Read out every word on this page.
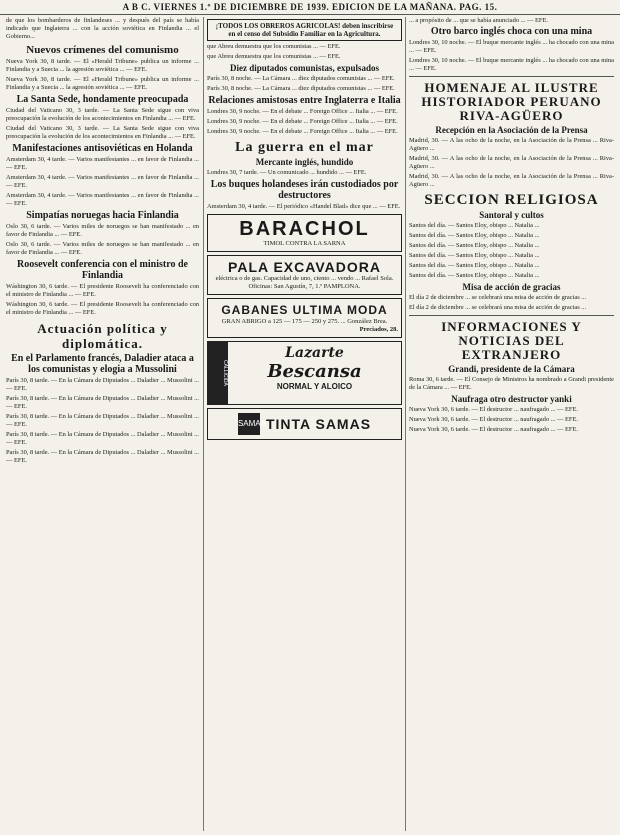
A B C. VIERNES 1.º DE DICIEMBRE DE 1939. EDICION DE LA MAÑANA. PAG. 15.

de que los bombarderos de finlandeses ... y después del país se había indicado que Inglaterra ... con la acción soviética en Finlandia ... el Gobierno...

Nuevos crímenes del comunismo

Nueva York 30, 8 tarde. — El «Herald Tribune» publica un informe ... Finlandia y a Suecia ... la agresión soviética ... — EFE.

Nueva York 30, 8 tarde. — El «Herald Tribune» publica un informe ... Finlandia y a Suecia ... la agresión soviética ... — EFE.

La Santa Sede, hondamente preocupada

Ciudad del Vaticano 30, 3 tarde. — La Santa Sede sigue con viva preocupación la evolución de los acontecimientos en Finlandia ... — EFE.

Ciudad del Vaticano 30, 3 tarde. — La Santa Sede sigue con viva preocupación la evolución de los acontecimientos en Finlandia ... — EFE.

Manifestaciones antisoviéticas en Holanda

Amsterdam 30, 4 tarde. — Varios manifestantes ... en favor de Finlandia ... — EFE.

Amsterdam 30, 4 tarde. — Varios manifestantes ... en favor de Finlandia ... — EFE.

Amsterdam 30, 4 tarde. — Varios manifestantes ... en favor de Finlandia ... — EFE.

Simpatías noruegas hacia Finlandia

Oslo 30, 6 tarde. — Varios miles de noruegos se han manifestado ... en favor de Finlandia ... — EFE.

Oslo 30, 6 tarde. — Varios miles de noruegos se han manifestado ... en favor de Finlandia ... — EFE.

Roosevelt conferencia con el ministro de Finlandia

Wáshington 30, 6 tarde. — El presidente Roosevelt ha conferenciado con el ministro de Finlandia ... — EFE.

Wáshington 30, 6 tarde. — El presidente Roosevelt ha conferenciado con el ministro de Finlandia ... — EFE.

Actuación política y diplomática.
En el Parlamento francés, Daladier ataca a los comunistas y elogia a Mussolini

París 30, 8 tarde. — En la Cámara de Diputados ... Daladier ... Mussolini ... — EFE.

París 30, 8 tarde. — En la Cámara de Diputados ... Daladier ... Mussolini ... — EFE.

París 30, 8 tarde. — En la Cámara de Diputados ... Daladier ... Mussolini ... — EFE.

París 30, 8 tarde. — En la Cámara de Diputados ... Daladier ... Mussolini ... — EFE.

París 30, 8 tarde. — En la Cámara de Diputados ... Daladier ... Mussolini ... — EFE.

¡TODOS LOS OBREROS AGRICOLAS! deben inscribirse en el censo del Subsidio Familiar en la Agricultura.

que Abreu demuestra que los comunistas ... — EFE.

que Abreu demuestra que los comunistas ... — EFE.

Diez diputados comunistas, expulsados

París 30, 8 noche. — La Cámara ... diez diputados comunistas ... — EFE.

París 30, 8 noche. — La Cámara ... diez diputados comunistas ... — EFE.

Relaciones amistosas entre Inglaterra e Italia

Londres 30, 9 noche. — En el debate ... Foreign Office ... Italia ... — EFE.

Londres 30, 9 noche. — En el debate ... Foreign Office ... Italia ... — EFE.

Londres 30, 9 noche. — En el debate ... Foreign Office ... Italia ... — EFE.

La guerra en el mar
Mercante inglés, hundido

Londres 30, 7 tarde. — Un comunicado ... hundido ... — EFE.

Los buques holandeses irán custodiados por destructores

Amsterdam 30, 4 tarde. — El periódico «Handel Blad» dice que ... — EFE.

BARACHOL
TIMOL CONTRA LA SARNA
PALA EXCAVADORA
eléctrica o de gas. Capacidad de uno, ciento ... vendo ... Rafael Sola. Oficinas: San Agustín, 7, 1.º PAMPLONA.
GABANES ULTIMA MODA
GRAN ABRIGO a 125 — 175 — 250 y 275. ... González Brea.
Preciados, 28.
CALLICIDA
Lazarte
Bescansa
NORMAL Y ALOICO
SAMAS TINTA SAMAS

... a propósito de ... que se había anunciado ... — EFE.

Otro barco inglés choca con una mina

Londres 30, 10 noche. — El buque mercante inglés ... ha chocado con una mina ... — EFE.

Londres 30, 10 noche. — El buque mercante inglés ... ha chocado con una mina ... — EFE.

HOMENAJE AL ILUSTRE HISTORIADOR PERUANO RIVA-AGÜERO
Recepción en la Asociación de la Prensa

Madrid, 30. — A las ocho de la noche, en la Asociación de la Prensa ... Riva-Agüero ...

Madrid, 30. — A las ocho de la noche, en la Asociación de la Prensa ... Riva-Agüero ...

Madrid, 30. — A las ocho de la noche, en la Asociación de la Prensa ... Riva-Agüero ...

SECCION RELIGIOSA
Santoral y cultos

Santos del día. — Santos Eloy, obispo ... Natalia ...

Santos del día. — Santos Eloy, obispo ... Natalia ...

Santos del día. — Santos Eloy, obispo ... Natalia ...

Santos del día. — Santos Eloy, obispo ... Natalia ...

Santos del día. — Santos Eloy, obispo ... Natalia ...

Santos del día. — Santos Eloy, obispo ... Natalia ...

Misa de acción de gracias

El día 2 de diciembre ... se celebrará una misa de acción de gracias ...

El día 2 de diciembre ... se celebrará una misa de acción de gracias ...

INFORMACIONES Y NOTICIAS DEL EXTRANJERO
Grandi, presidente de la Cámara

Roma 30, 6 tarde. — El Consejo de Ministros ha nombrado a Grandi presidente de la Cámara ... — EFE.

Naufraga otro destructor yanki

Nueva York 30, 6 tarde. — El destructor ... naufragado ... — EFE.

Nueva York 30, 6 tarde. — El destructor ... naufragado ... — EFE.

Nueva York 30, 6 tarde. — El destructor ... naufragado ... — EFE.
